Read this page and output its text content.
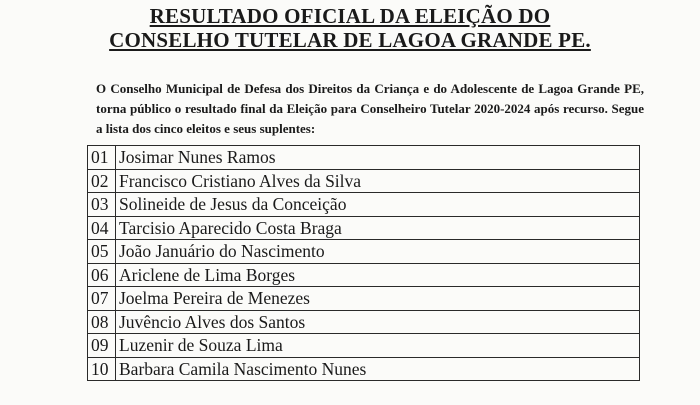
RESULTADO OFICIAL DA ELEIÇÃO DO
CONSELHO TUTELAR DE LAGOA GRANDE PE.

O Conselho Municipal de Defesa dos Direitos da Criança e do Adolescente de Lagoa Grande PE, torna público o resultado final da Eleição para Conselheiro Tutelar 2020-2024 após recurso. Segue a lista dos cinco eleitos e seus suplentes:

01	Josimar Nunes Ramos
02	Francisco Cristiano Alves da Silva
03	Solineide de Jesus da Conceição
04	Tarcisio Aparecido Costa Braga
05	João Januário do Nascimento
06	Ariclene de Lima Borges
07	Joelma Pereira de Menezes
08	Juvêncio Alves dos Santos
09	Luzenir de Souza Lima
10	Barbara Camila Nascimento Nunes
